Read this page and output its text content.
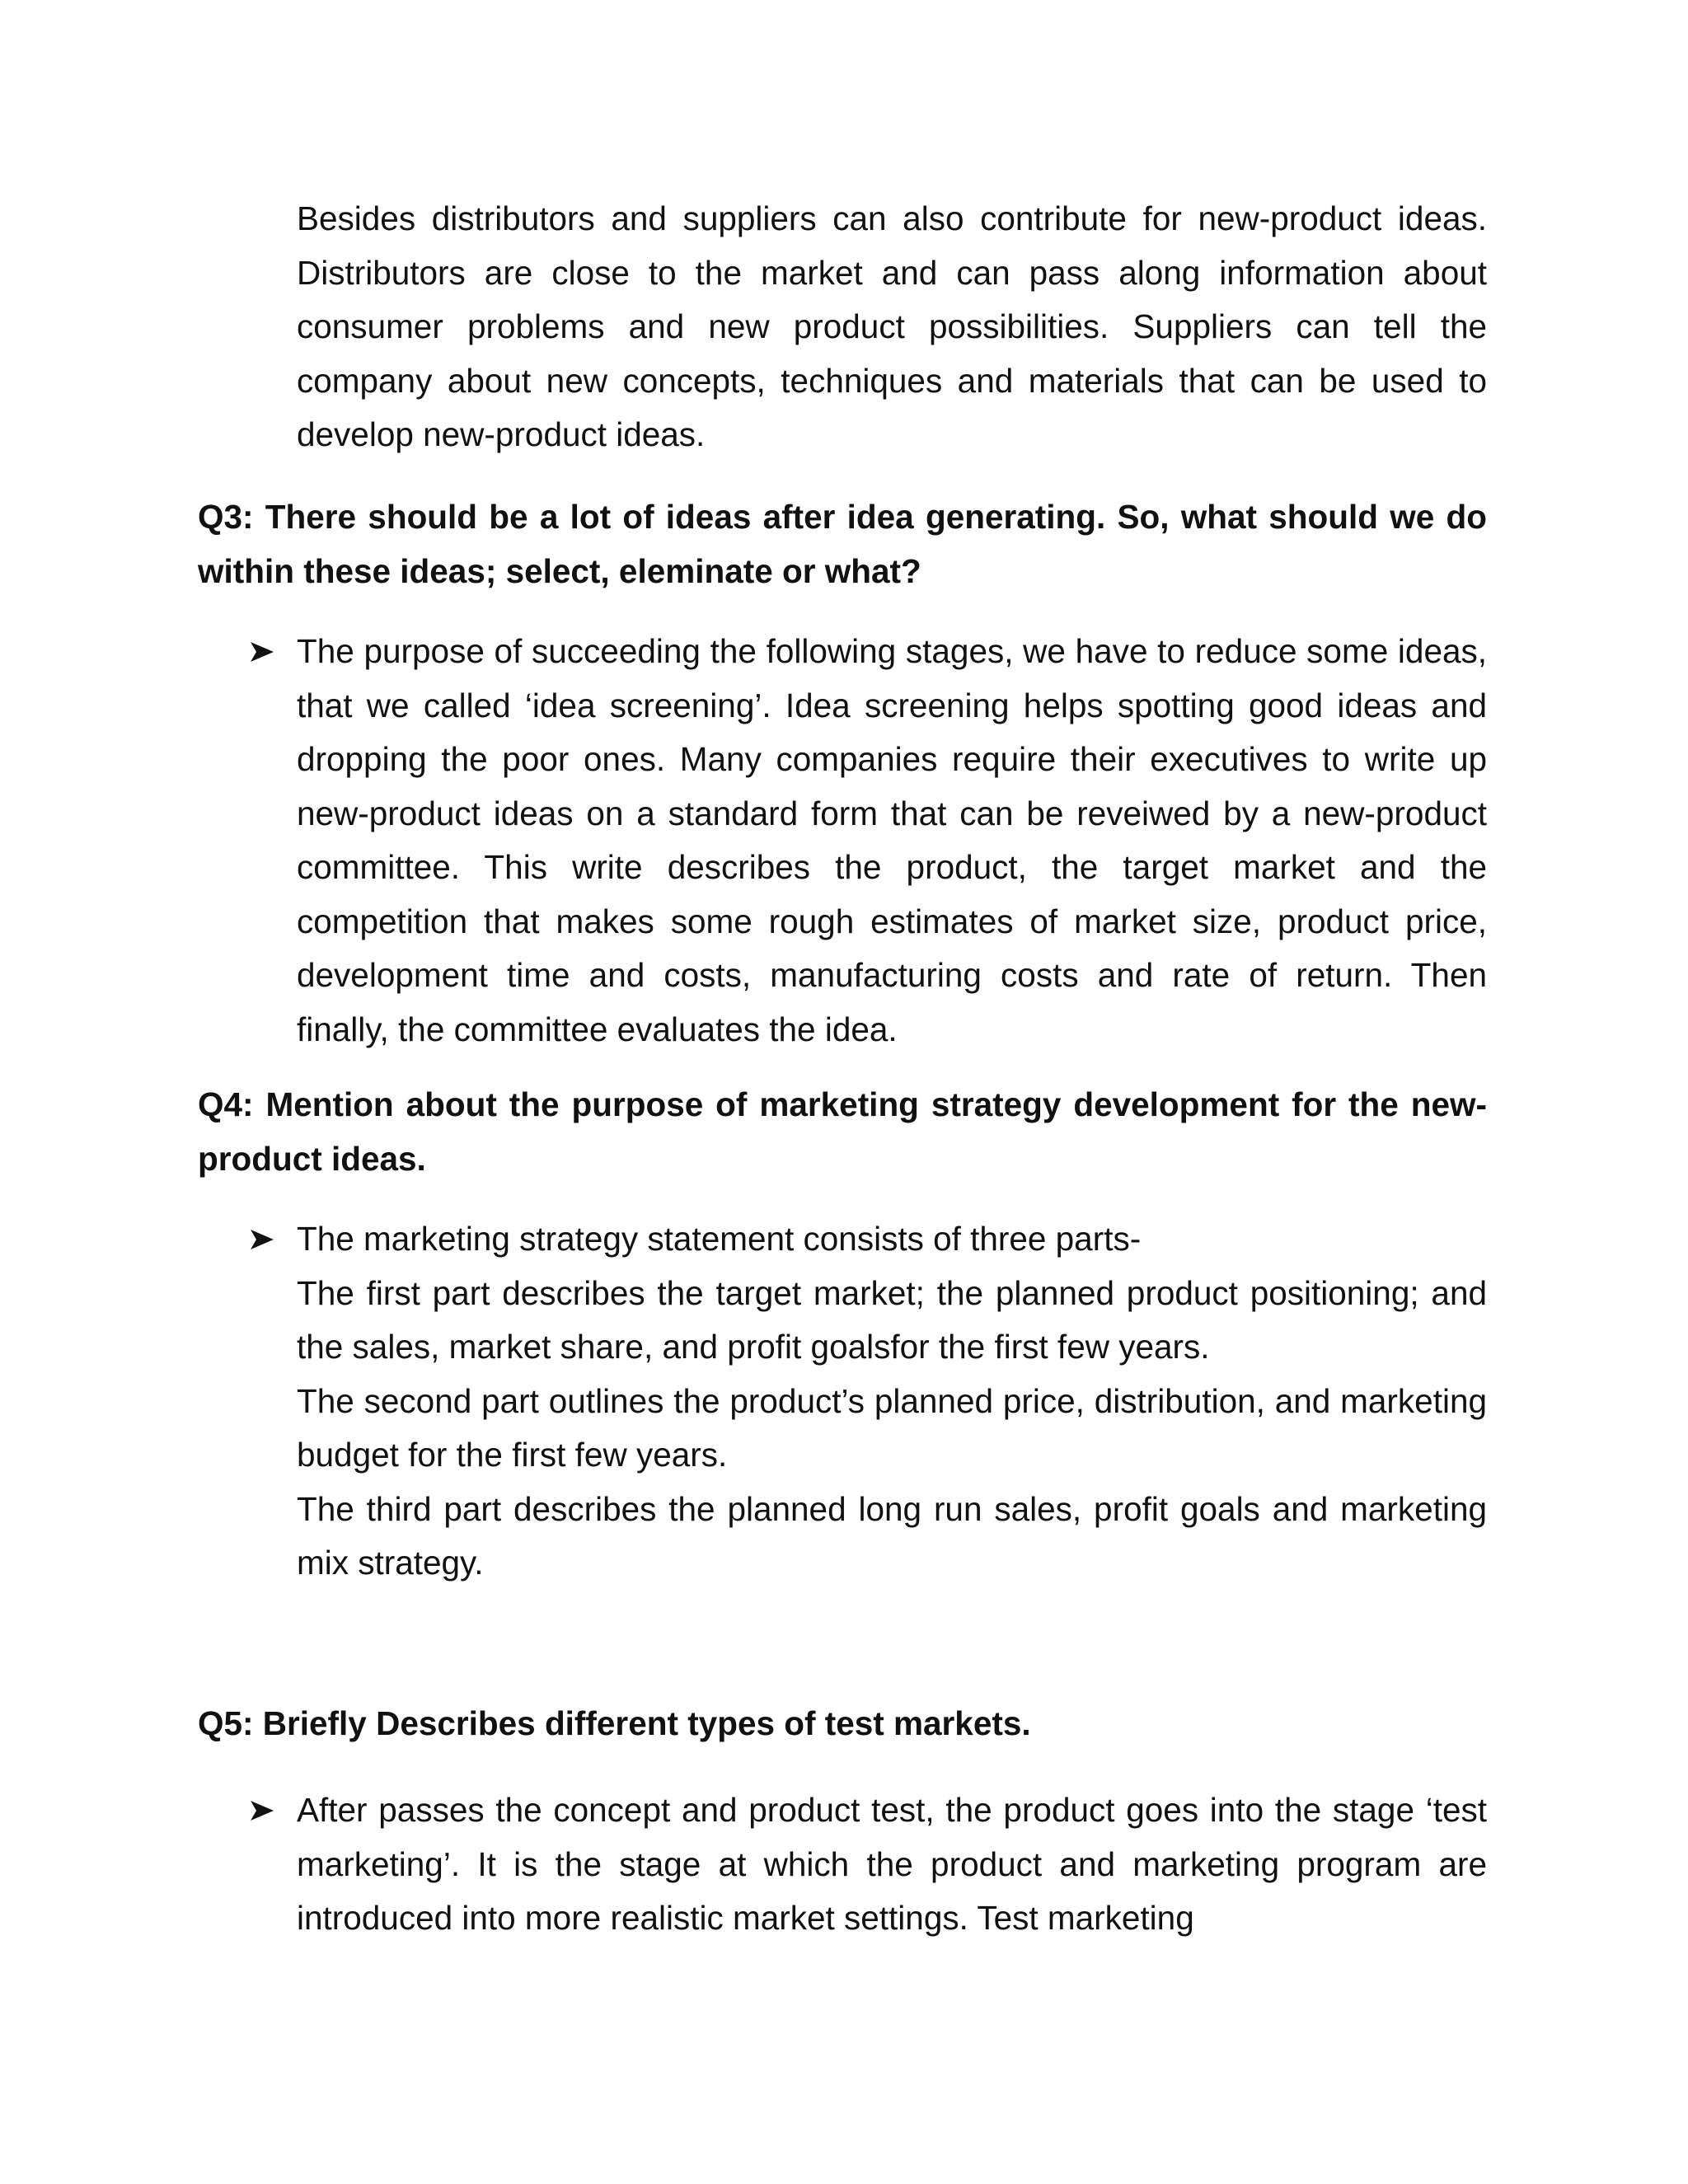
Besides distributors and suppliers can also contribute for new-product ideas. Distributors are close to the market and can pass along information about consumer problems and new product possibilities. Suppliers can tell the company about new concepts, techniques and materials that can be used to develop new-product ideas.

Q3: There should be a lot of ideas after idea generating. So, what should we do within these ideas; select, eleminate or what?

The purpose of succeeding the following stages, we have to reduce some ideas, that we called ‘idea screening’. Idea screening helps spotting good ideas and dropping the poor ones. Many companies require their executives to write up new-product ideas on a standard form that can be reveiwed by a new-product committee. This write describes the product, the target market and the competition that makes some rough estimates of market size, product price, development time and costs, manufacturing costs and rate of return. Then finally, the committee evaluates the idea.

Q4: Mention about the purpose of marketing strategy development for the new-product ideas.

The marketing strategy statement consists of three parts-

The first part describes the target market; the planned product positioning; and the sales, market share, and profit goalsfor the first few years.

The second part outlines the product’s planned price, distribution, and marketing budget for the first few years.

The third part describes the planned long run sales, profit goals and marketing mix strategy.

Q5: Briefly Describes different types of test markets.

After passes the concept and product test, the product goes into the stage ‘test marketing’. It is the stage at which the product and marketing program are introduced into more realistic market settings. Test marketing
